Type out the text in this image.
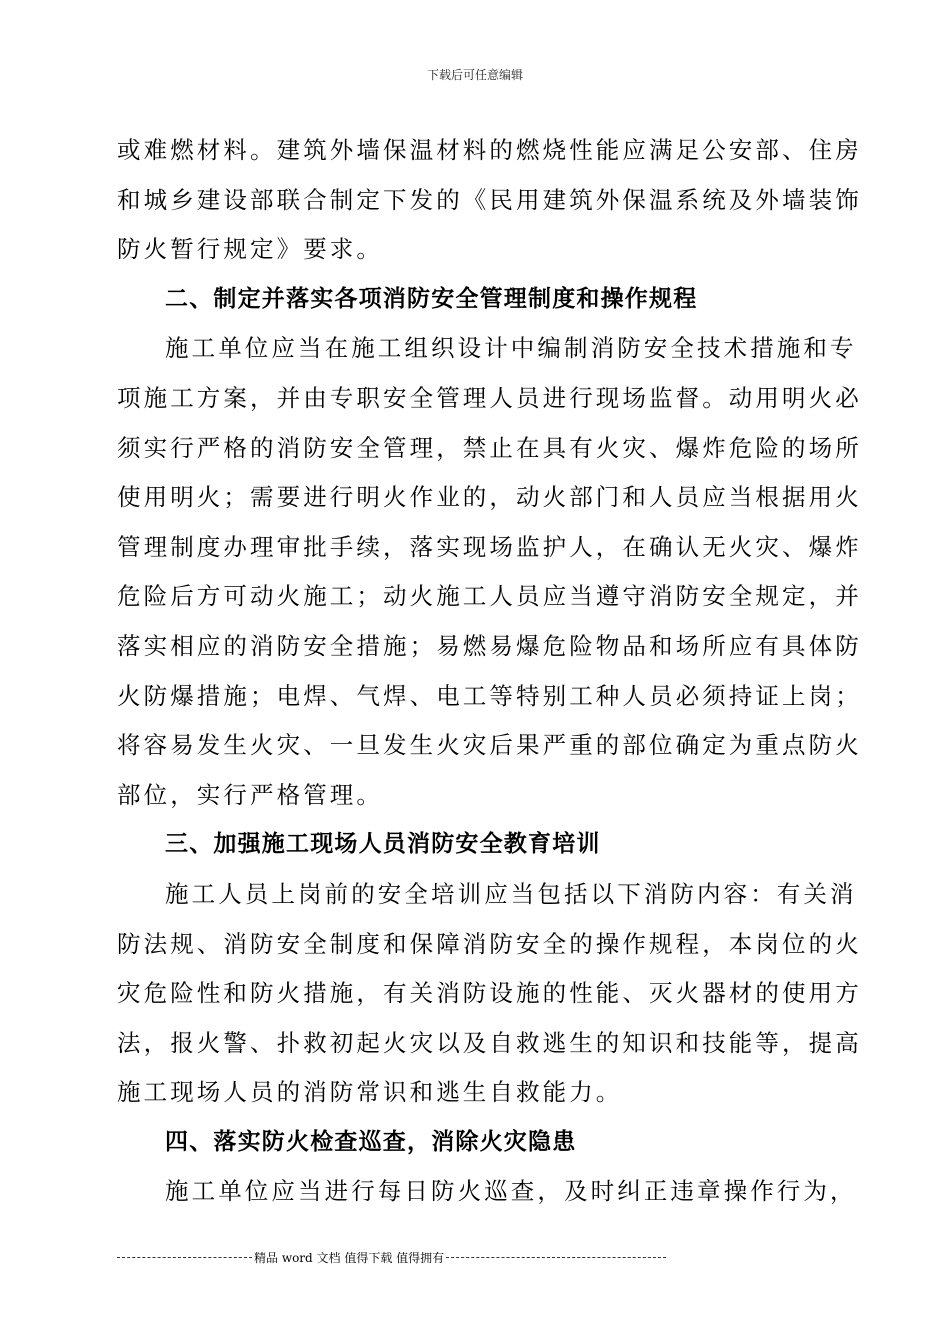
下载后可任意编辑
或难燃材料。建筑外墙保温材料的燃烧性能应满足公安部、住房
和城乡建设部联合制定下发的《民用建筑外保温系统及外墙装饰
防火暂行规定》要求。
二、制定并落实各项消防安全管理制度和操作规程
施工单位应当在施工组织设计中编制消防安全技术措施和专
项施工方案，并由专职安全管理人员进行现场监督。动用明火必
须实行严格的消防安全管理，禁止在具有火灾、爆炸危险的场所
使用明火；需要进行明火作业的，动火部门和人员应当根据用火
管理制度办理审批手续，落实现场监护人，在确认无火灾、爆炸
危险后方可动火施工；动火施工人员应当遵守消防安全规定，并
落实相应的消防安全措施；易燃易爆危险物品和场所应有具体防
火防爆措施；电焊、气焊、电工等特别工种人员必须持证上岗；
将容易发生火灾、一旦发生火灾后果严重的部位确定为重点防火
部位，实行严格管理。
三、加强施工现场人员消防安全教育培训
施工人员上岗前的安全培训应当包括以下消防内容：有关消
防法规、消防安全制度和保障消防安全的操作规程，本岗位的火
灾危险性和防火措施，有关消防设施的性能、灭火器材的使用方
法，报火警、扑救初起火灾以及自救逃生的知识和技能等，提高
施工现场人员的消防常识和逃生自救能力。
四、落实防火检查巡查，消除火灾隐患
施工单位应当进行每日防火巡查，及时纠正违章操作行为，
精品 word 文档 值得下载 值得拥有
